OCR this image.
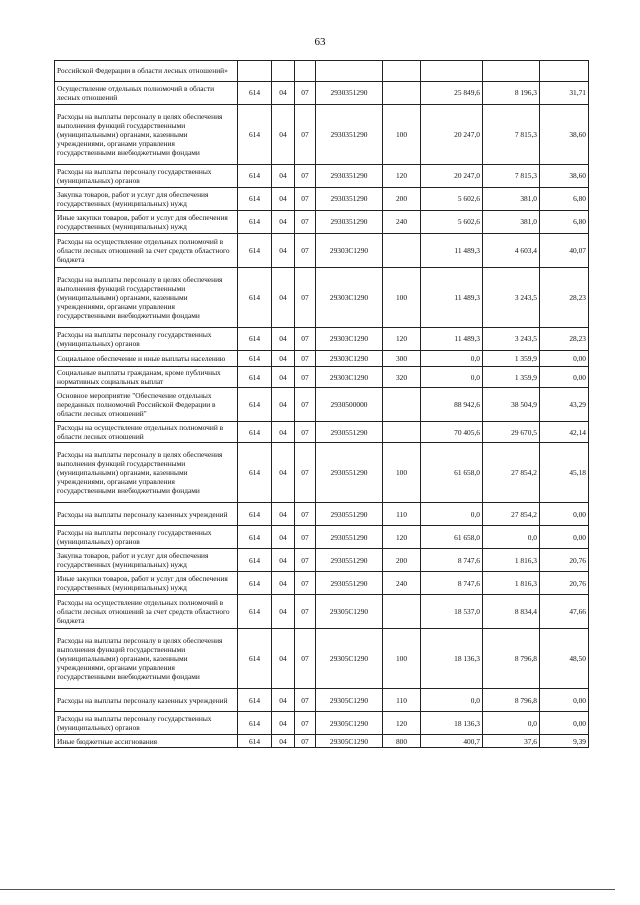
63
Российской Федерации в области лесных отношений»								
Осуществление отдельных полномочий в области лесных отношений	614	04	07	2930351290		25 849,6	8 196,3	31,71
Расходы на выплаты персоналу в целях обеспечения выполнения функций государственными (муниципальными) органами, казенными учреждениями, органами управления государственными внебюджетными фондами	614	04	07	2930351290	100	20 247,0	7 815,3	38,60
Расходы на выплаты персоналу государственных (муниципальных) органов	614	04	07	2930351290	120	20 247,0	7 815,3	38,60
Закупка товаров, работ и услуг для обеспечения государственных (муниципальных) нужд	614	04	07	2930351290	200	5 602,6	381,0	6,80
Иные закупки товаров, работ и услуг для обеспечения государственных (муниципальных) нужд	614	04	07	2930351290	240	5 602,6	381,0	6,80
Расходы на осуществление отдельных полномочий в области лесных отношений за счет средств областного бюджета	614	04	07	29303С1290		11 489,3	4 603,4	40,07
Расходы на выплаты персоналу в целях обеспечения выполнения функций государственными (муниципальными) органами, казенными учреждениями, органами управления государственными внебюджетными фондами	614	04	07	29303С1290	100	11 489,3	3 243,5	28,23
Расходы на выплаты персоналу государственных (муниципальных) органов	614	04	07	29303С1290	120	11 489,3	3 243,5	28,23
Социальное обеспечение и иные выплаты населению	614	04	07	29303С1290	300	0,0	1 359,9	0,00
Социальные выплаты гражданам, кроме публичных нормативных социальных выплат	614	04	07	29303С1290	320	0,0	1 359,9	0,00
Основное мероприятие "Обеспечение отдельных переданных полномочий Российской Федерации в области лесных отношений"	614	04	07	2930500000		88 942,6	38 504,9	43,29
Расходы на осуществление отдельных полномочий в области лесных отношений	614	04	07	2930551290		70 405,6	29 670,5	42,14
Расходы на выплаты персоналу в целях обеспечения выполнения функций государственными (муниципальными) органами, казенными учреждениями, органами управления государственными внебюджетными фондами	614	04	07	2930551290	100	61 658,0	27 854,2	45,18
Расходы на выплаты персоналу казенных учреждений	614	04	07	2930551290	110	0,0	27 854,2	0,00
Расходы на выплаты персоналу государственных (муниципальных) органов	614	04	07	2930551290	120	61 658,0	0,0	0,00
Закупка товаров, работ и услуг для обеспечения государственных (муниципальных) нужд	614	04	07	2930551290	200	8 747,6	1 816,3	20,76
Иные закупки товаров, работ и услуг для обеспечения государственных (муниципальных) нужд	614	04	07	2930551290	240	8 747,6	1 816,3	20,76
Расходы на осуществление отдельных полномочий в области лесных отношений за счет средств областного бюджета	614	04	07	29305С1290		18 537,0	8 834,4	47,66
Расходы на выплаты персоналу в целях обеспечения выполнения функций государственными (муниципальными) органами, казенными учреждениями, органами управления государственными внебюджетными фондами	614	04	07	29305С1290	100	18 136,3	8 796,8	48,50
Расходы на выплаты персоналу казенных учреждений	614	04	07	29305С1290	110	0,0	8 796,8	0,00
Расходы на выплаты персоналу государственных (муниципальных) органов	614	04	07	29305С1290	120	18 136,3	0,0	0,00
Иные бюджетные ассигнования	614	04	07	29305С1290	800	400,7	37,6	9,39
